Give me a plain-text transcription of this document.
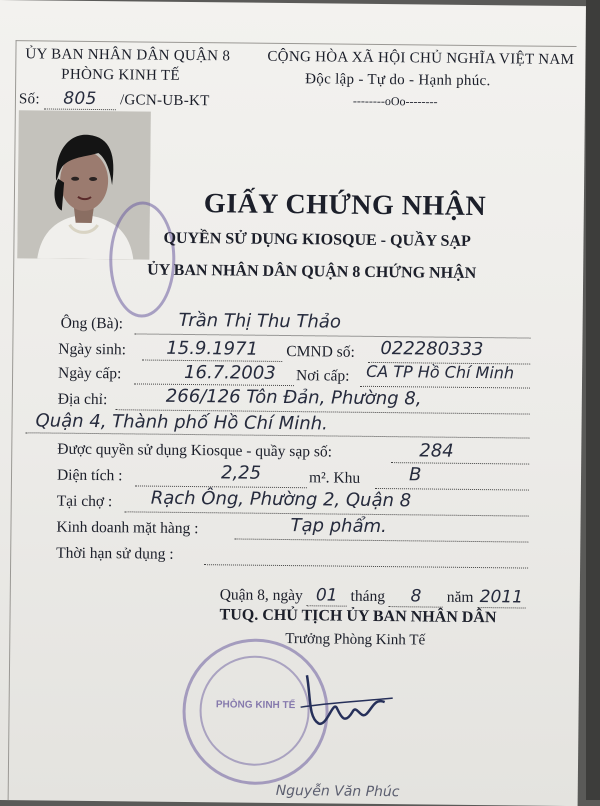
ỦY BAN NHÂN DÂN QUẬN 8
PHÒNG KINH TẾ
Số: 805 /GCN-UB-KT
CỘNG HÒA XÃ HỘI CHỦ NGHĨA VIỆT NAM
Độc lập - Tự do - Hạnh phúc.
--------oOo--------
GIẤY CHỨNG NHẬN
QUYỀN SỬ DỤNG KIOSQUE - QUẦY SẠP
ỦY BAN NHÂN DÂN QUẬN 8 CHỨNG NHẬN
Ông (Bà):	Trần Thị Thu Thảo
Ngày sinh: 15.9.1971 CMND số: 022280333
Ngày cấp:	16.7.2003 Nơi cấp: CA TP Hồ Chí Minh
Địa chỉ:	266/126 Tôn Đản, Phường 8,
Quận 4, Thành phố Hồ Chí Minh.
Được quyền sử dụng Kiosque - quầy sạp số:	284
Diện tích :	2,25	m². Khu	B
Tại chợ : Rạch Ông, Phường 2, Quận 8
Kinh doanh mặt hàng :	Tạp phẩm.
Thời hạn sử dụng :
Quận 8, ngày 01 tháng 8 năm 2011
TUQ. CHỦ TỊCH ỦY BAN NHÂN DÂN
Trưởng Phòng Kinh Tế
PHÒNG KINH TẾ
Nguyễn Văn Phúc
